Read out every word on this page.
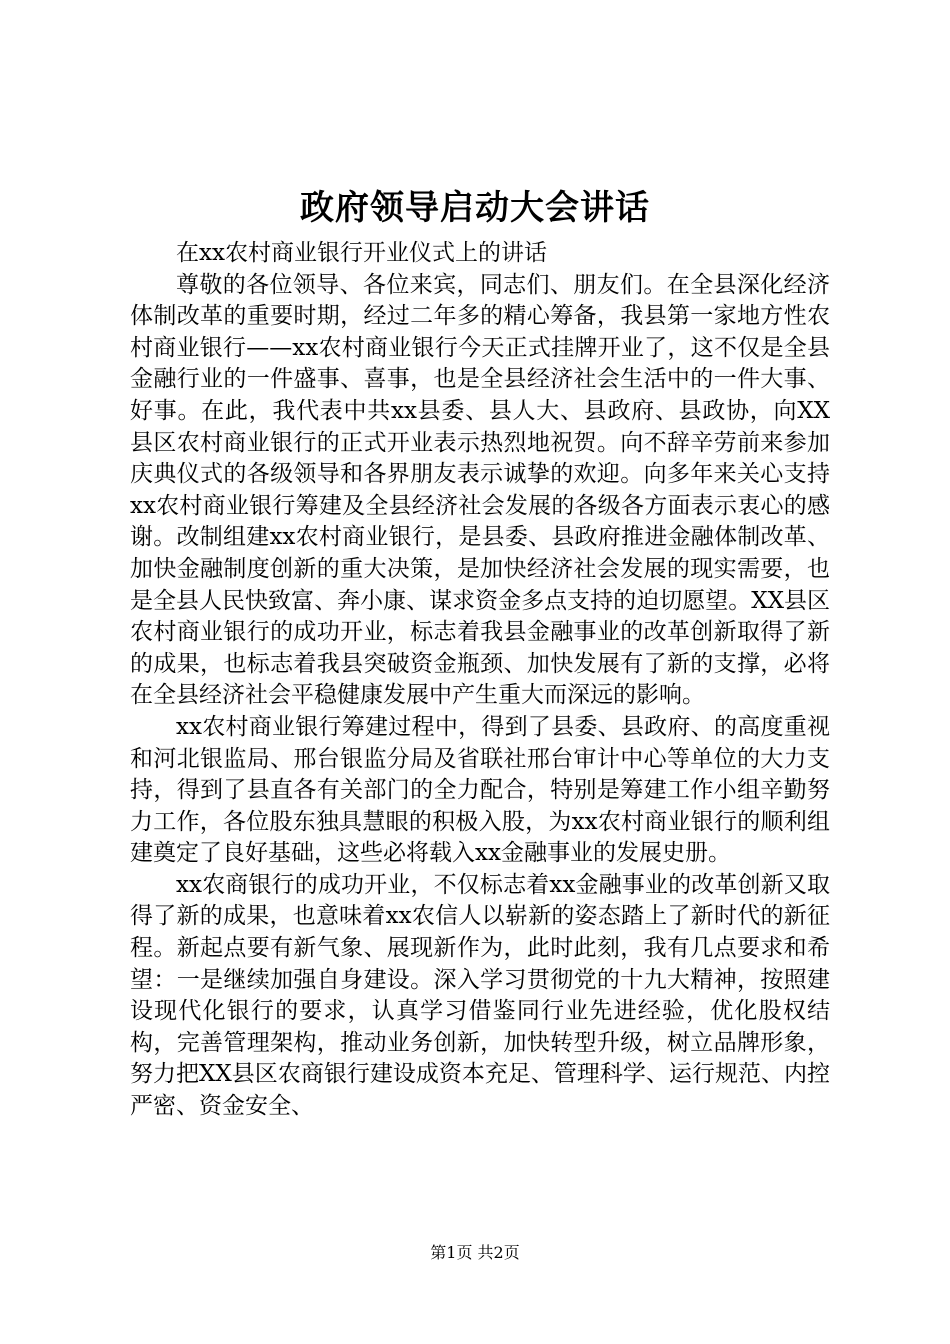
政府领导启动大会讲话

在xx农村商业银行开业仪式上的讲话

尊敬的各位领导、各位来宾，同志们、朋友们。在全县深化经济体制改革的重要时期，经过二年多的精心筹备，我县第一家地方性农村商业银行——xx农村商业银行今天正式挂牌开业了，这不仅是全县金融行业的一件盛事、喜事，也是全县经济社会生活中的一件大事、好事。在此，我代表中共xx县委、县人大、县政府、县政协，向XX县区农村商业银行的正式开业表示热烈地祝贺。向不辞辛劳前来参加庆典仪式的各级领导和各界朋友表示诚挚的欢迎。向多年来关心支持xx农村商业银行筹建及全县经济社会发展的各级各方面表示衷心的感谢。改制组建xx农村商业银行，是县委、县政府推进金融体制改革、加快金融制度创新的重大决策，是加快经济社会发展的现实需要，也是全县人民快致富、奔小康、谋求资金多点支持的迫切愿望。XX县区农村商业银行的成功开业，标志着我县金融事业的改革创新取得了新的成果，也标志着我县突破资金瓶颈、加快发展有了新的支撑，必将在全县经济社会平稳健康发展中产生重大而深远的影响。

xx农村商业银行筹建过程中，得到了县委、县政府、的高度重视和河北银监局、邢台银监分局及省联社邢台审计中心等单位的大力支持，得到了县直各有关部门的全力配合，特别是筹建工作小组辛勤努力工作，各位股东独具慧眼的积极入股，为xx农村商业银行的顺利组建奠定了良好基础，这些必将载入xx金融事业的发展史册。

xx农商银行的成功开业，不仅标志着xx金融事业的改革创新又取得了新的成果，也意味着xx农信人以崭新的姿态踏上了新时代的新征程。新起点要有新气象、展现新作为，此时此刻，我有几点要求和希望：一是继续加强自身建设。深入学习贯彻党的十九大精神，按照建设现代化银行的要求，认真学习借鉴同行业先进经验，优化股权结构，完善管理架构，推动业务创新，加快转型升级，树立品牌形象，努力把XX县区农商银行建设成资本充足、管理科学、运行规范、内控严密、资金安全、

第1页 共2页
